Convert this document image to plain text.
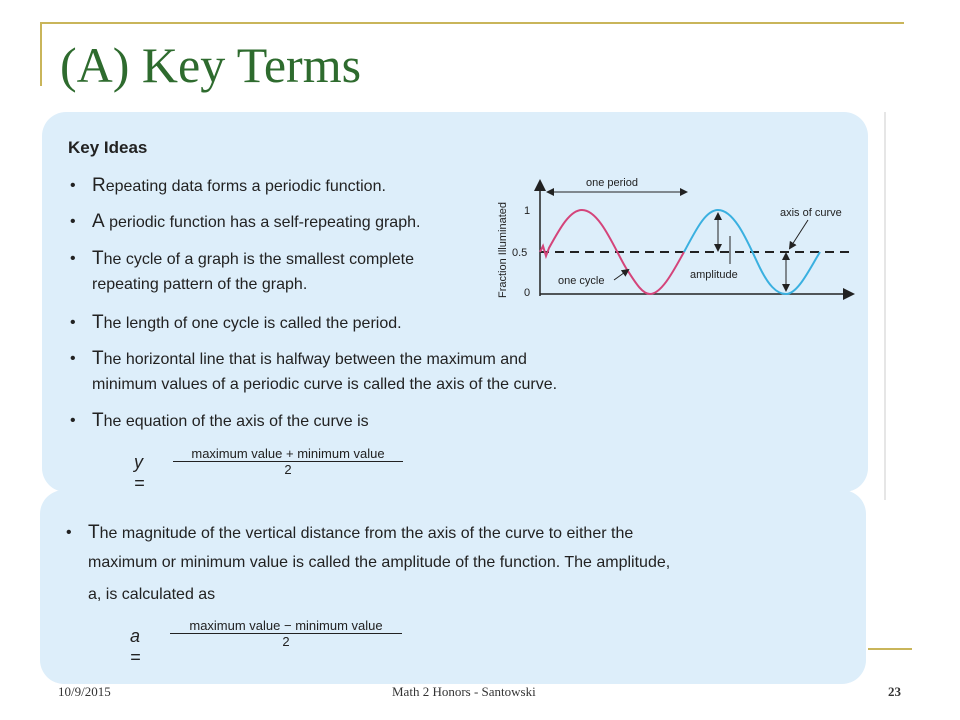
(A) Key Terms
Key Ideas
• Repeating data forms a periodic function.
• A periodic function has a self-repeating graph.
• The cycle of a graph is the smallest complete
repeating pattern of the graph.
• The length of one cycle is called the period.
• The horizontal line that is halfway between the maximum and
minimum values of a periodic curve is called the axis of the curve.
• The equation of the axis of the curve is
y =
maximum value + minimum value
2
• The magnitude of the vertical distance from the axis of the curve to either the
maximum or minimum value is called the amplitude of the function. The amplitude,
a, is calculated as
a =
maximum value − minimum value
2
Fraction Illuminated 1
0.5
0
one period
amplitude
axis of curve
one cycle
10/9/2015	Math 2 Honors - Santowski	23
